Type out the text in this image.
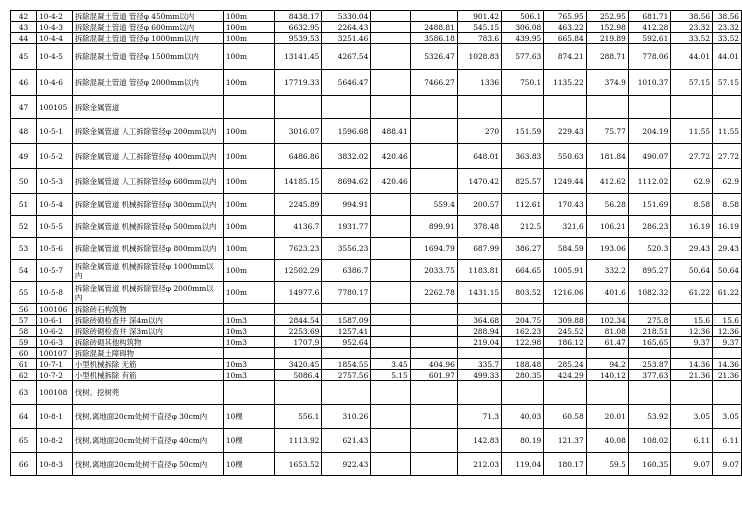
42	10-4-2	拆除混凝土管道 管径φ 450mm以内	100m	8438.17	5330.04			901.42	506.1	765.95	252.95	681.71	38.56	38.56
43	10-4-3	拆除混凝土管道 管径φ 600mm以内	100m	6632.95	2264.43		2488.81	545.15	306.08	463.22	152.98	412.28	23.32	23.32
44	10-4-4	拆除混凝土管道 管径φ 1000mm以内	100m	9539.53	3251.46		3586.18	783.6	439.95	665.84	219.89	592.61	33.52	33.52
45	10-4-5	拆除混凝土管道 管径φ 1500mm以内	100m	13141.45	4267.54		5326.47	1028.83	577.63	874.21	288.71	778.06	44.01	44.01
46	10-4-6	拆除混凝土管道 管径φ 2000mm以内	100m	17719.33	5646.47		7466.27	1336	750.1	1135.22	374.9	1010.37	57.15	57.15
47	100105	拆除金属管道												
48	10-5-1	拆除金属管道 人工拆除管径φ 200mm以内	100m	3016.07	1596.68	488.41		270	151.59	229.43	75.77	204.19	11.55	11.55
49	10-5-2	拆除金属管道 人工拆除管径φ 400mm以内	100m	6486.86	3832.02	420.46		648.01	363.83	550.63	181.84	490.07	27.72	27.72
50	10-5-3	拆除金属管道 人工拆除管径φ 600mm以内	100m	14185.15	8694.62	420.46		1470.42	825.57	1249.44	412.62	1112.02	62.9	62.9
51	10-5-4	拆除金属管道 机械拆除管径φ 300mm以内	100m	2245.89	994.91		559.4	200.57	112.61	170.43	56.28	151.69	8.58	8.58
52	10-5-5	拆除金属管道 机械拆除管径φ 500mm以内	100m	4136.7	1931.77		899.91	378.48	212.5	321.6	106.21	286.23	16.19	16.19
53	10-5-6	拆除金属管道 机械拆除管径φ 800mm以内	100m	7623.23	3556.23		1694.79	687.99	386.27	584.59	193.06	520.3	29.43	29.43
54	10-5-7	拆除金属管道 机械拆除管径φ 1000mm以内	100m	12502.29	6386.7		2033.75	1183.81	664.65	1005.91	332.2	895.27	50.64	50.64
55	10-5-8	拆除金属管道 机械拆除管径φ 2000mm以内	100m	14977.6	7780.17		2262.78	1431.15	803.52	1216.06	401.6	1082.32	61.22	61.22
56	100106	拆除砖石构筑物												
57	10-6-1	拆除砖砌检查井 深4m以内	10m3	2844.54	1587.09			364.68	204.75	309.88	102.34	275.8	15.6	15.6
58	10-6-2	拆除砖砌检查井 深3m以内	10m3	2253.69	1257.41			288.94	162.23	245.52	81.08	218.51	12.36	12.36
59	10-6-3	拆除砖砌其他构筑物	10m3	1707.9	952.64			219.04	122.98	186.12	61.47	165.65	9.37	9.37
60	100107	拆除混凝土障碍物												
61	10-7-1	小型机械拆除 无筋	10m3	3420.45	1854.55	3.45	404.96	335.7	188.48	285.24	94.2	253.87	14.36	14.36
62	10-7-2	小型机械拆除 有筋	10m3	5086.4	2757.56	5.15	601.97	499.33	280.35	424.29	140.12	377.63	21.36	21.36
63	100108	伐树、挖树蔸												
64	10-8-1	伐树,离地面20cm处树干直径φ 30cm内	10棵	556.1	310.26			71.3	40.03	60.58	20.01	53.92	3.05	3.05
65	10-8-2	伐树,离地面20cm处树干直径φ 40cm内	10棵	1113.92	621.43			142.83	80.19	121.37	40.08	108.02	6.11	6.11
66	10-8-3	伐树,离地面20cm处树干直径φ 50cm内	10棵	1653.52	922.43			212.03	119.04	180.17	59.5	160.35	9.07	9.07
